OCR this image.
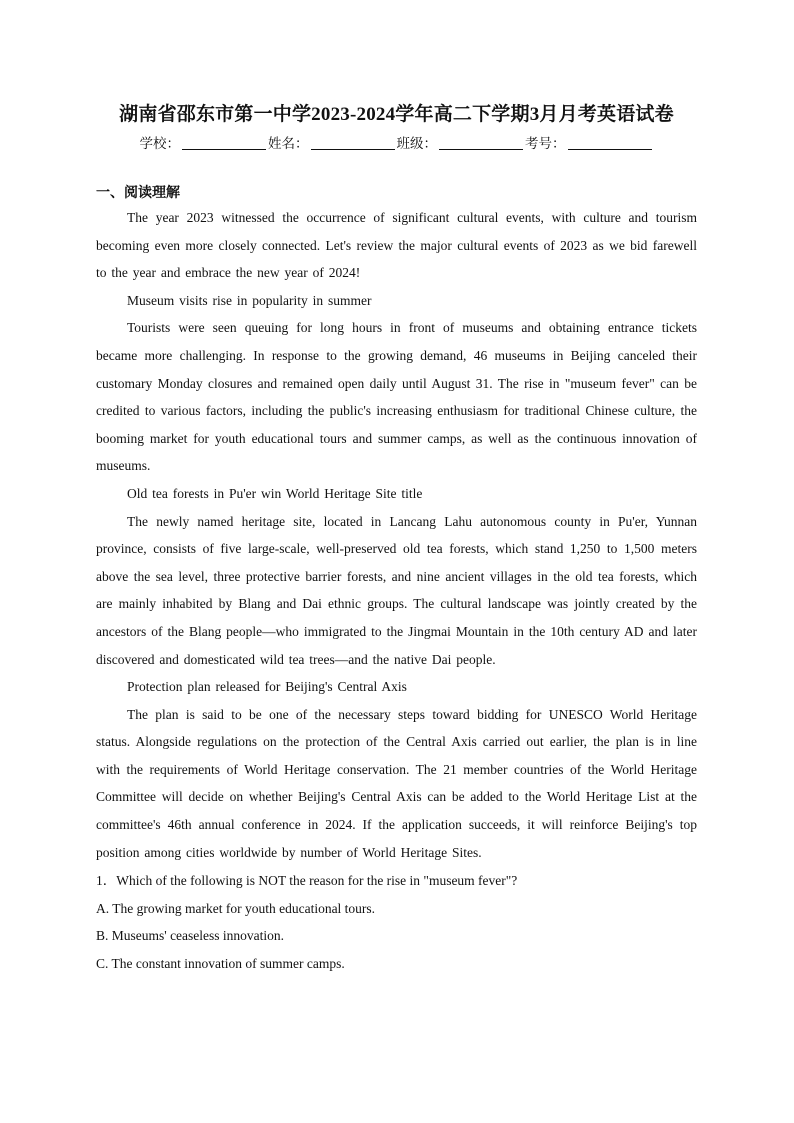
湖南省邵东市第一中学2023-2024学年高二下学期3月月考英语试卷
学校：	姓名：	班级：	考号：
一、阅读理解

The year 2023 witnessed the occurrence of significant cultural events, with culture and tourism becoming even more closely connected. Let's review the major cultural events of 2023 as we bid farewell to the year and embrace the new year of 2024!

Museum visits rise in popularity in summer

Tourists were seen queuing for long hours in front of museums and obtaining entrance tickets became more challenging. In response to the growing demand, 46 museums in Beijing canceled their customary Monday closures and remained open daily until August 31. The rise in "museum fever" can be credited to various factors, including the public's increasing enthusiasm for traditional Chinese culture, the booming market for youth educational tours and summer camps, as well as the continuous innovation of museums.

Old tea forests in Pu'er win World Heritage Site title

The newly named heritage site, located in Lancang Lahu autonomous county in Pu'er, Yunnan province, consists of five large-scale, well-preserved old tea forests, which stand 1,250 to 1,500 meters above the sea level, three protective barrier forests, and nine ancient villages in the old tea forests, which are mainly inhabited by Blang and Dai ethnic groups. The cultural landscape was jointly created by the ancestors of the Blang people—who immigrated to the Jingmai Mountain in the 10th century AD and later discovered and domesticated wild tea trees—and the native Dai people.

Protection plan released for Beijing's Central Axis

The plan is said to be one of the necessary steps toward bidding for UNESCO World Heritage status. Alongside regulations on the protection of the Central Axis carried out earlier, the plan is in line with the requirements of World Heritage conservation. The 21 member countries of the World Heritage Committee will decide on whether Beijing's Central Axis can be added to the World Heritage List at the committee's 46th annual conference in 2024. If the application succeeds, it will reinforce Beijing's top position among cities worldwide by number of World Heritage Sites.

1．Which of the following is NOT the reason for the rise in "museum fever"?
A. The growing market for youth educational tours.
B. Museums' ceaseless innovation.
C. The constant innovation of summer camps.
